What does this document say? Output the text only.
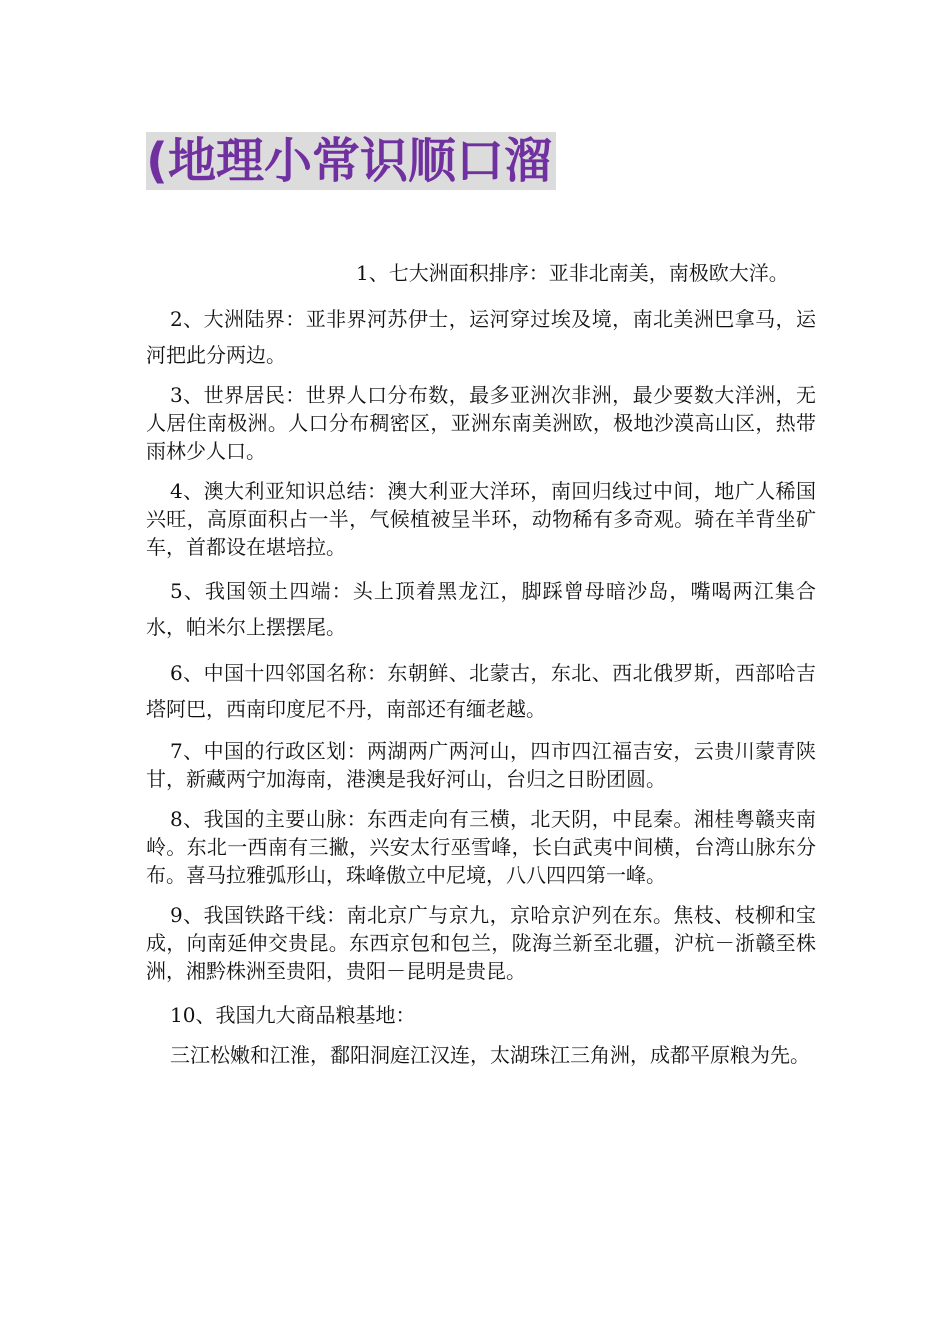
(地理小常识顺口溜

1、七大洲面积排序：亚非北南美，南极欧大洋。

2、大洲陆界：亚非界河苏伊士，运河穿过埃及境，南北美洲巴拿马，运河把此分两边。

3、世界居民：世界人口分布数，最多亚洲次非洲，最少要数大洋洲，无人居住南极洲。人口分布稠密区，亚洲东南美洲欧，极地沙漠高山区，热带雨林少人口。

4、澳大利亚知识总结：澳大利亚大洋环，南回归线过中间，地广人稀国兴旺，高原面积占一半，气候植被呈半环，动物稀有多奇观。骑在羊背坐矿车，首都设在堪培拉。

5、我国领土四端：头上顶着黑龙江，脚踩曾母暗沙岛，嘴喝两江集合水，帕米尔上摆摆尾。

6、中国十四邻国名称：东朝鲜、北蒙古，东北、西北俄罗斯，西部哈吉塔阿巴，西南印度尼不丹，南部还有缅老越。

7、中国的行政区划：两湖两广两河山，四市四江福吉安，云贵川蒙青陕甘，新藏两宁加海南，港澳是我好河山，台归之日盼团圆。

8、我国的主要山脉：东西走向有三横，北天阴，中昆秦。湘桂粤赣夹南岭。东北一西南有三撇，兴安太行巫雪峰，长白武夷中间横，台湾山脉东分布。喜马拉雅弧形山，珠峰傲立中尼境，八八四四第一峰。

9、我国铁路干线：南北京广与京九，京哈京沪列在东。焦枝、枝柳和宝成，向南延伸交贵昆。东西京包和包兰，陇海兰新至北疆，沪杭－浙赣至株洲，湘黔株洲至贵阳，贵阳－昆明是贵昆。

10、我国九大商品粮基地：

三江松嫩和江淮，鄱阳洞庭江汉连，太湖珠江三角洲，成都平原粮为先。
